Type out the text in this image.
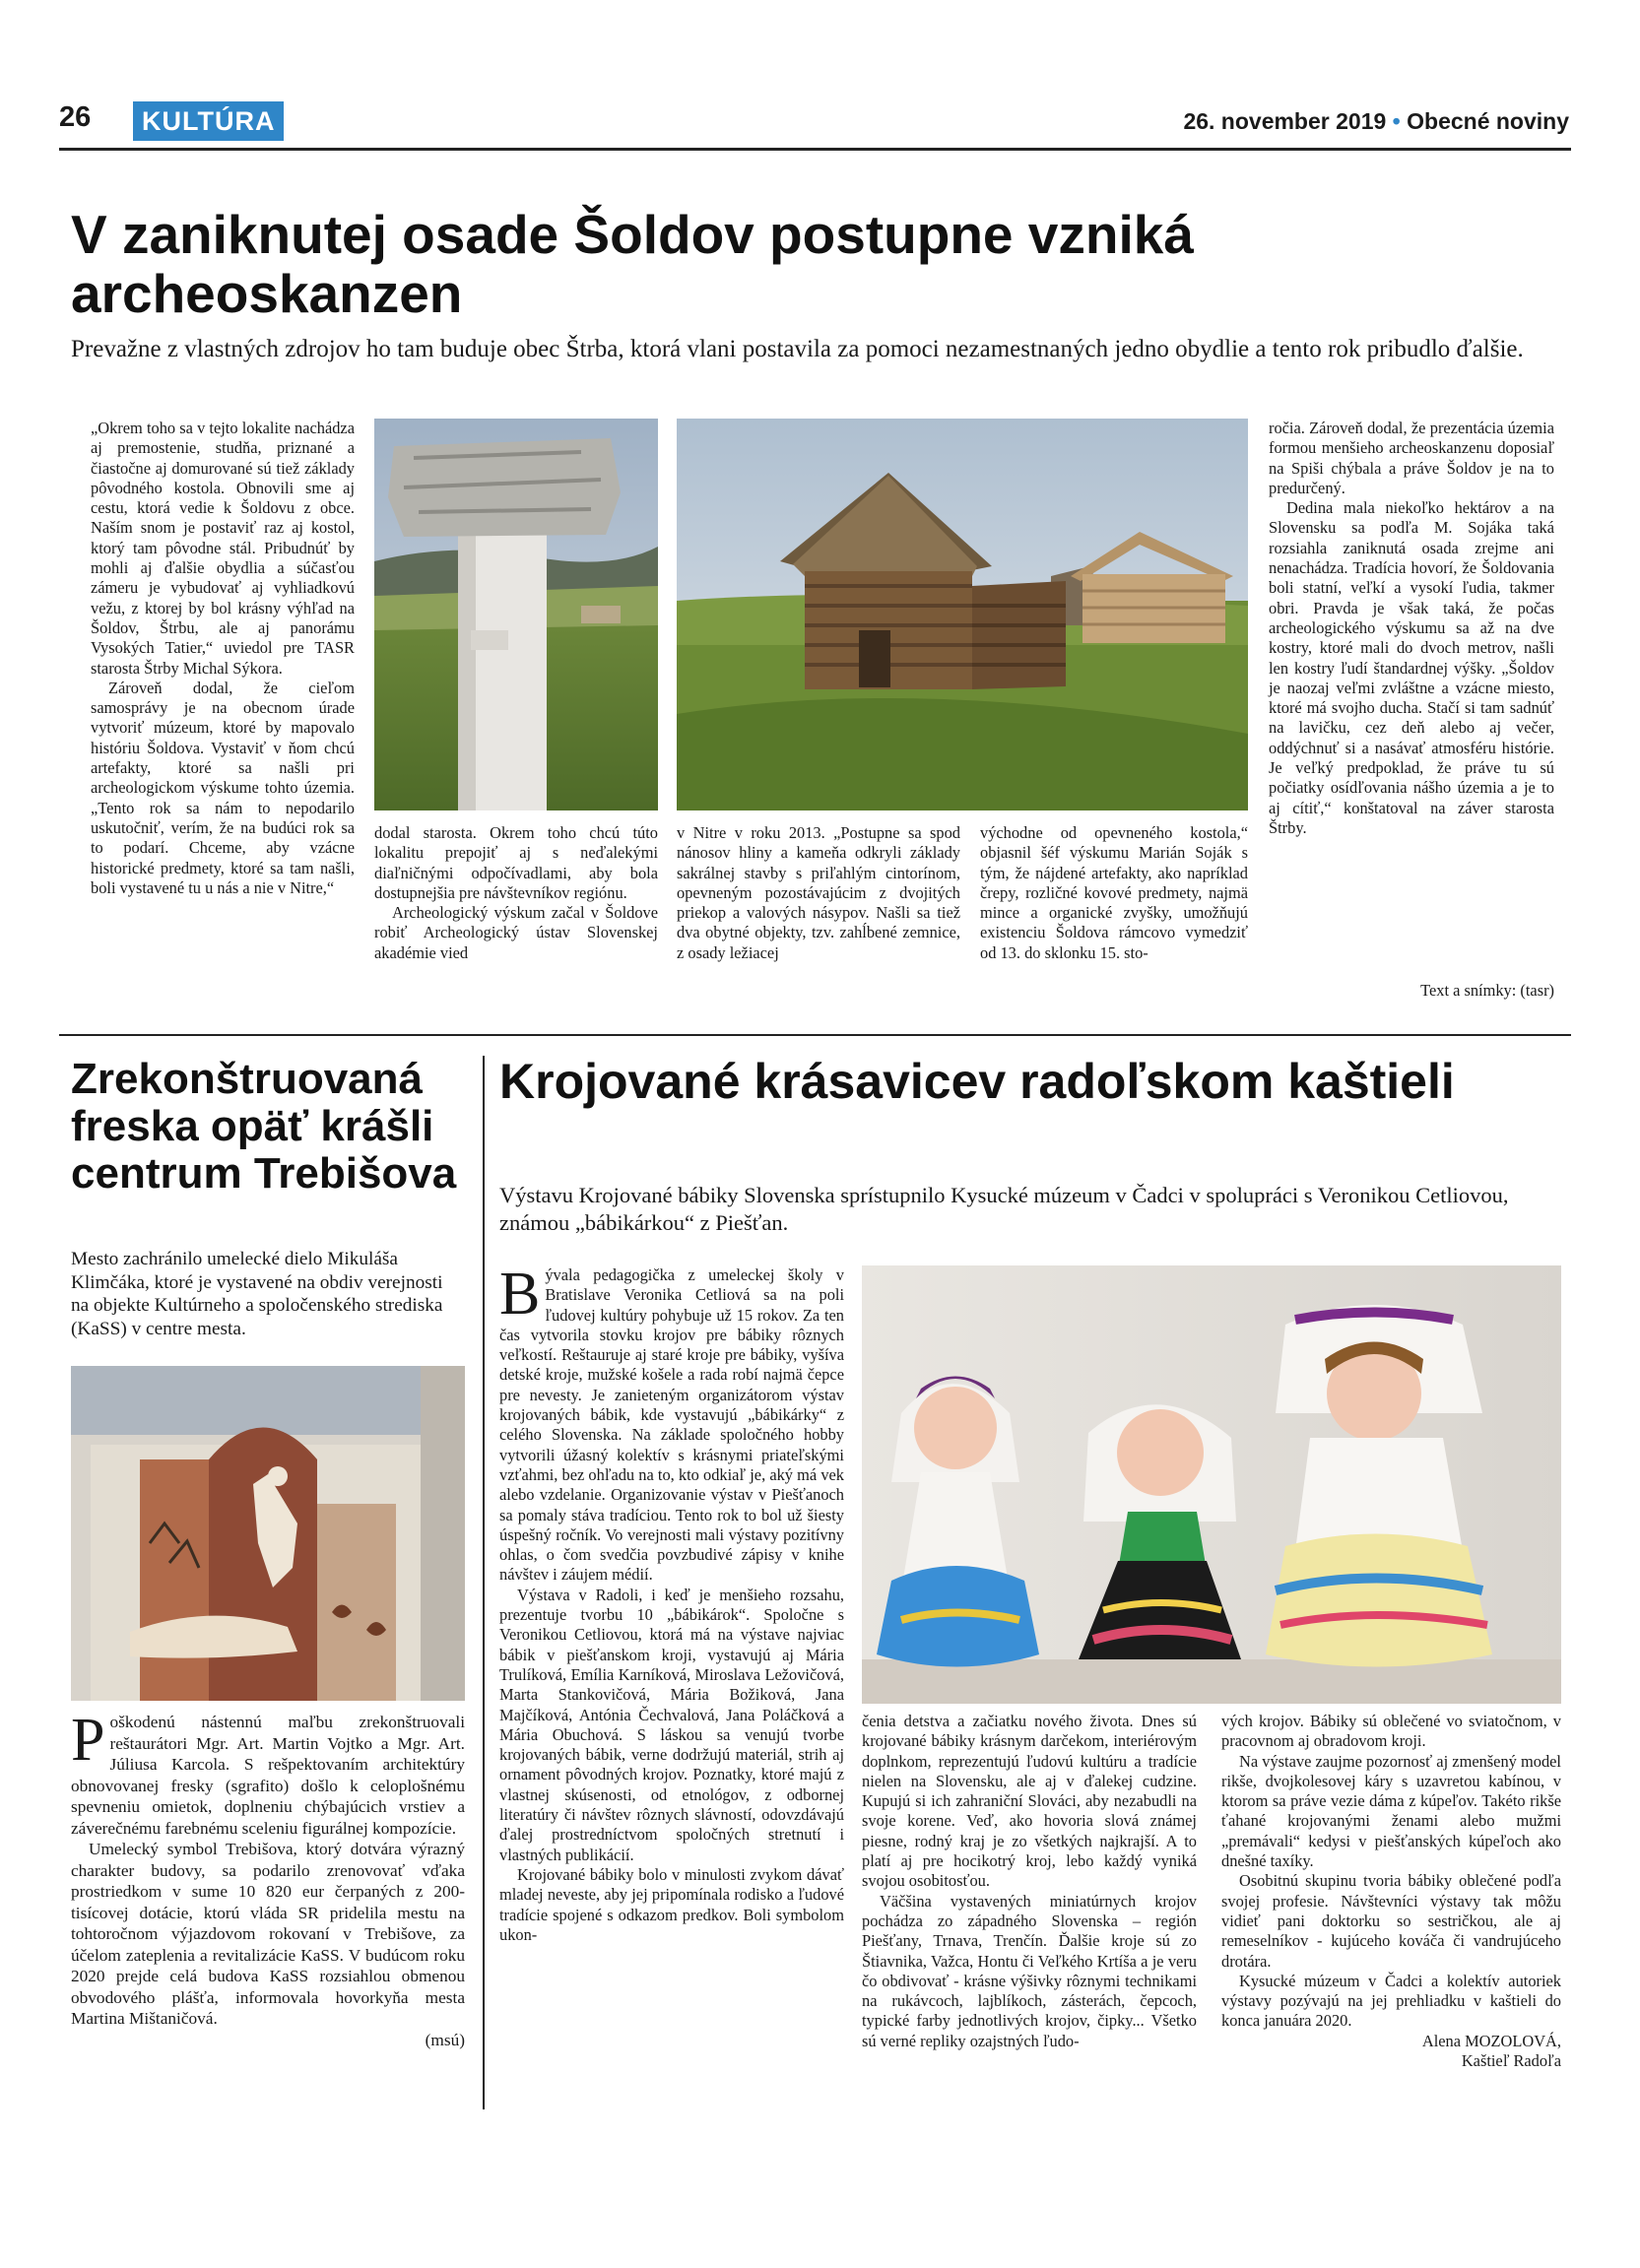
26	KULTÚRA	26. november 2019 • Obecné noviny
V zaniknutej osade Šoldov postupne vzniká archeoskanzen

Prevažne z vlastných zdrojov ho tam buduje obec Štrba, ktorá vlani postavila za pomoci nezamestnaných jedno obydlie a tento rok pribudlo ďalšie.

„Okrem toho sa v tejto lokalite nachádza aj premostenie, studňa, priznané a čiastočne aj domurované sú tiež základy pôvodného kostola. Obnovili sme aj cestu, ktorá vedie k Šoldovu z obce. Naším snom je postaviť raz aj kostol, ktorý tam pôvodne stál. Pribudnúť by mohli aj ďalšie obydlia a súčasťou zámeru je vybudovať aj vyhliadkovú vežu, z ktorej by bol krásny výhľad na Šoldov, Štrbu, ale aj panorámu Vysokých Tatier,“ uviedol pre TASR starosta Štrby Michal Sýkora.

Zároveň dodal, že cieľom samosprávy je na obecnom úrade vytvoriť múzeum, ktoré by mapovalo históriu Šoldova. Vystaviť v ňom chcú artefakty, ktoré sa našli pri archeologickom výskume tohto územia. „Tento rok sa nám to nepodarilo uskutočniť, verím, že na budúci rok sa to podarí. Chceme, aby vzácne historické predmety, ktoré sa tam našli, boli vystavené tu u nás a nie v Nitre,“

dodal starosta. Okrem toho chcú túto lokalitu prepojiť aj s neďalekými diaľničnými odpočívadlami, aby bola dostupnejšia pre návštevníkov regiónu.

Archeologický výskum začal v Šoldove robiť Archeologický ústav Slovenskej akadémie vied

v Nitre v roku 2013. „Postupne sa spod nánosov hliny a kameňa odkryli základy sakrálnej stavby s priľahlým cintorínom, opevneným pozostávajúcim z dvojitých priekop a valových násypov. Našli sa tiež dva obytné objekty, tzv. zahĺbené zemnice, z osady ležiacej

východne od opevneného kostola,“ objasnil šéf výskumu Marián Soják s tým, že nájdené artefakty, ako napríklad črepy, rozličné kovové predmety, najmä mince a organické zvyšky, umožňujú existenciu Šoldova rámcovo vymedziť od 13. do sklonku 15. sto-

ročia. Zároveň dodal, že prezentácia územia formou menšieho archeoskanzenu doposiaľ na Spiši chýbala a práve Šoldov je na to predurčený.

Dedina mala niekoľko hektárov a na Slovensku sa podľa M. Sojáka taká rozsiahla zaniknutá osada zrejme ani nenachádza. Tradícia hovorí, že Šoldovania boli statní, veľkí a vysokí ľudia, takmer obri. Pravda je však taká, že počas archeologického výskumu sa až na dve kostry, ktoré mali do dvoch metrov, našli len kostry ľudí štandardnej výšky. „Šoldov je naozaj veľmi zvláštne a vzácne miesto, ktoré má svojho ducha. Stačí si tam sadnúť na lavičku, cez deň alebo aj večer, oddýchnuť si a nasávať atmosféru histórie. Je veľký predpoklad, že práve tu sú počiatky osídľovania nášho územia a je to aj cítiť,“ konštatoval na záver starosta Štrby.

Text a snímky: (tasr)
Zrekonštruovaná freska opäť krášli centrum Trebišova

Mesto zachránilo umelecké dielo Mikuláša Klimčáka, ktoré je vystavené na obdiv verejnosti na objekte Kultúrneho a spoločenského strediska (KaSS) v centre mesta.

P oškodenú nástennú maľbu zrekonštruovali reštaurátori Mgr. Art. Martin Vojtko a Mgr. Art. Júliusa Karcola. S rešpektovaním architektúry obnovovanej fresky (sgrafito) došlo k celoplošnému spevneniu omietok, doplneniu chýbajúcich vrstiev a záverečnému farebnému sceleniu figurálnej kompozície.

Umelecký symbol Trebišova, ktorý dotvára výrazný charakter budovy, sa podarilo zrenovovať vďaka prostriedkom v sume 10 820 eur čerpaných z 200-tisícovej dotácie, ktorú vláda SR pridelila mestu na tohtoročnom výjazdovom rokovaní v Trebišove, za účelom zateplenia a revitalizácie KaSS. V budúcom roku 2020 prejde celá budova KaSS rozsiahlou obmenou obvodového plášťa, informovala hovorkyňa mesta Martina Mištaničová.

(msú)
Krojované krásavicev radoľskom kaštieli

Výstavu Krojované bábiky Slovenska sprístupnilo Kysucké múzeum v Čadci v spolupráci s Veronikou Cetliovou, známou „bábikárkou“ z Piešťan.

B ývala pedagogička z umeleckej školy v Bratislave Veronika Cetliová sa na poli ľudovej kultúry pohybuje už 15 rokov. Za ten čas vytvorila stovku krojov pre bábiky rôznych veľkostí. Reštauruje aj staré kroje pre bábiky, vyšíva detské kroje, mužské košele a rada robí najmä čepce pre nevesty. Je zanieteným organizátorom výstav krojovaných bábik, kde vystavujú „bábikárky“ z celého Slovenska. Na základe spoločného hobby vytvorili úžasný kolektív s krásnymi priateľskými vzťahmi, bez ohľadu na to, kto odkiaľ je, aký má vek alebo vzdelanie. Organizovanie výstav v Piešťanoch sa pomaly stáva tradíciou. Tento rok to bol už šiesty úspešný ročník. Vo verejnosti mali výstavy pozitívny ohlas, o čom svedčia povzbudivé zápisy v knihe návštev i záujem médií.

Výstava v Radoli, i keď je menšieho rozsahu, prezentuje tvorbu 10 „bábikárok“. Spoločne s Veronikou Cetliovou, ktorá má na výstave najviac bábik v piešťanskom kroji, vystavujú aj Mária Trulíková, Emília Karníková, Miroslava Ležovičová, Marta Stankovičová, Mária Božiková, Jana Majčíková, Antónia Čechvalová, Jana Poláčková a Mária Obuchová. S láskou sa venujú tvorbe krojovaných bábik, verne dodržujú materiál, strih aj ornament pôvodných krojov. Poznatky, ktoré majú z vlastnej skúsenosti, od etnológov, z odbornej literatúry či návštev rôznych slávností, odovzdávajú ďalej prostredníctvom spoločných stretnutí i vlastných publikácií.

Krojované bábiky bolo v minulosti zvykom dávať mladej neveste, aby jej pripomínala rodisko a ľudové tradície spojené s odkazom predkov. Boli symbolom ukon-

čenia detstva a začiatku nového života. Dnes sú krojované bábiky krásnym darčekom, interiérovým doplnkom, reprezentujú ľudovú kultúru a tradície nielen na Slovensku, ale aj v ďalekej cudzine. Kupujú si ich zahraniční Slováci, aby nezabudli na svoje korene. Veď, ako hovoria slová známej piesne, rodný kraj je zo všetkých najkrajší. A to platí aj pre hocikotrý kroj, lebo každý vyniká svojou osobitosťou.

Väčšina vystavených miniatúrnych krojov pochádza zo západného Slovenska – región Piešťany, Trnava, Trenčín. Ďalšie kroje sú zo Štiavnika, Važca, Hontu či Veľkého Krtíša a je veru čo obdivovať - krásne výšivky rôznymi technikami na rukávcoch, lajblíkoch, zásterách, čepcoch, typické farby jednotlivých krojov, čipky... Všetko sú verné repliky ozajstných ľudo-

vých krojov. Bábiky sú oblečené vo sviatočnom, v pracovnom aj obradovom kroji.

Na výstave zaujme pozornosť aj zmenšený model rikše, dvojkolesovej káry s uzavretou kabínou, v ktorom sa práve vezie dáma z kúpeľov. Takéto rikše ťahané krojovanými ženami alebo mužmi „premávali“ kedysi v piešťanských kúpeľoch ako dnešné taxíky.

Osobitnú skupinu tvoria bábiky oblečené podľa svojej profesie. Návštevníci výstavy tak môžu vidieť pani doktorku so sestričkou, ale aj remeselníkov - kujúceho kováča či vandrujúceho drotára.

Kysucké múzeum v Čadci a kolektív autoriek výstavy pozývajú na jej prehliadku v kaštieli do konca januára 2020.

Alena MOZOLOVÁ,
Kaštieľ Radoľa
